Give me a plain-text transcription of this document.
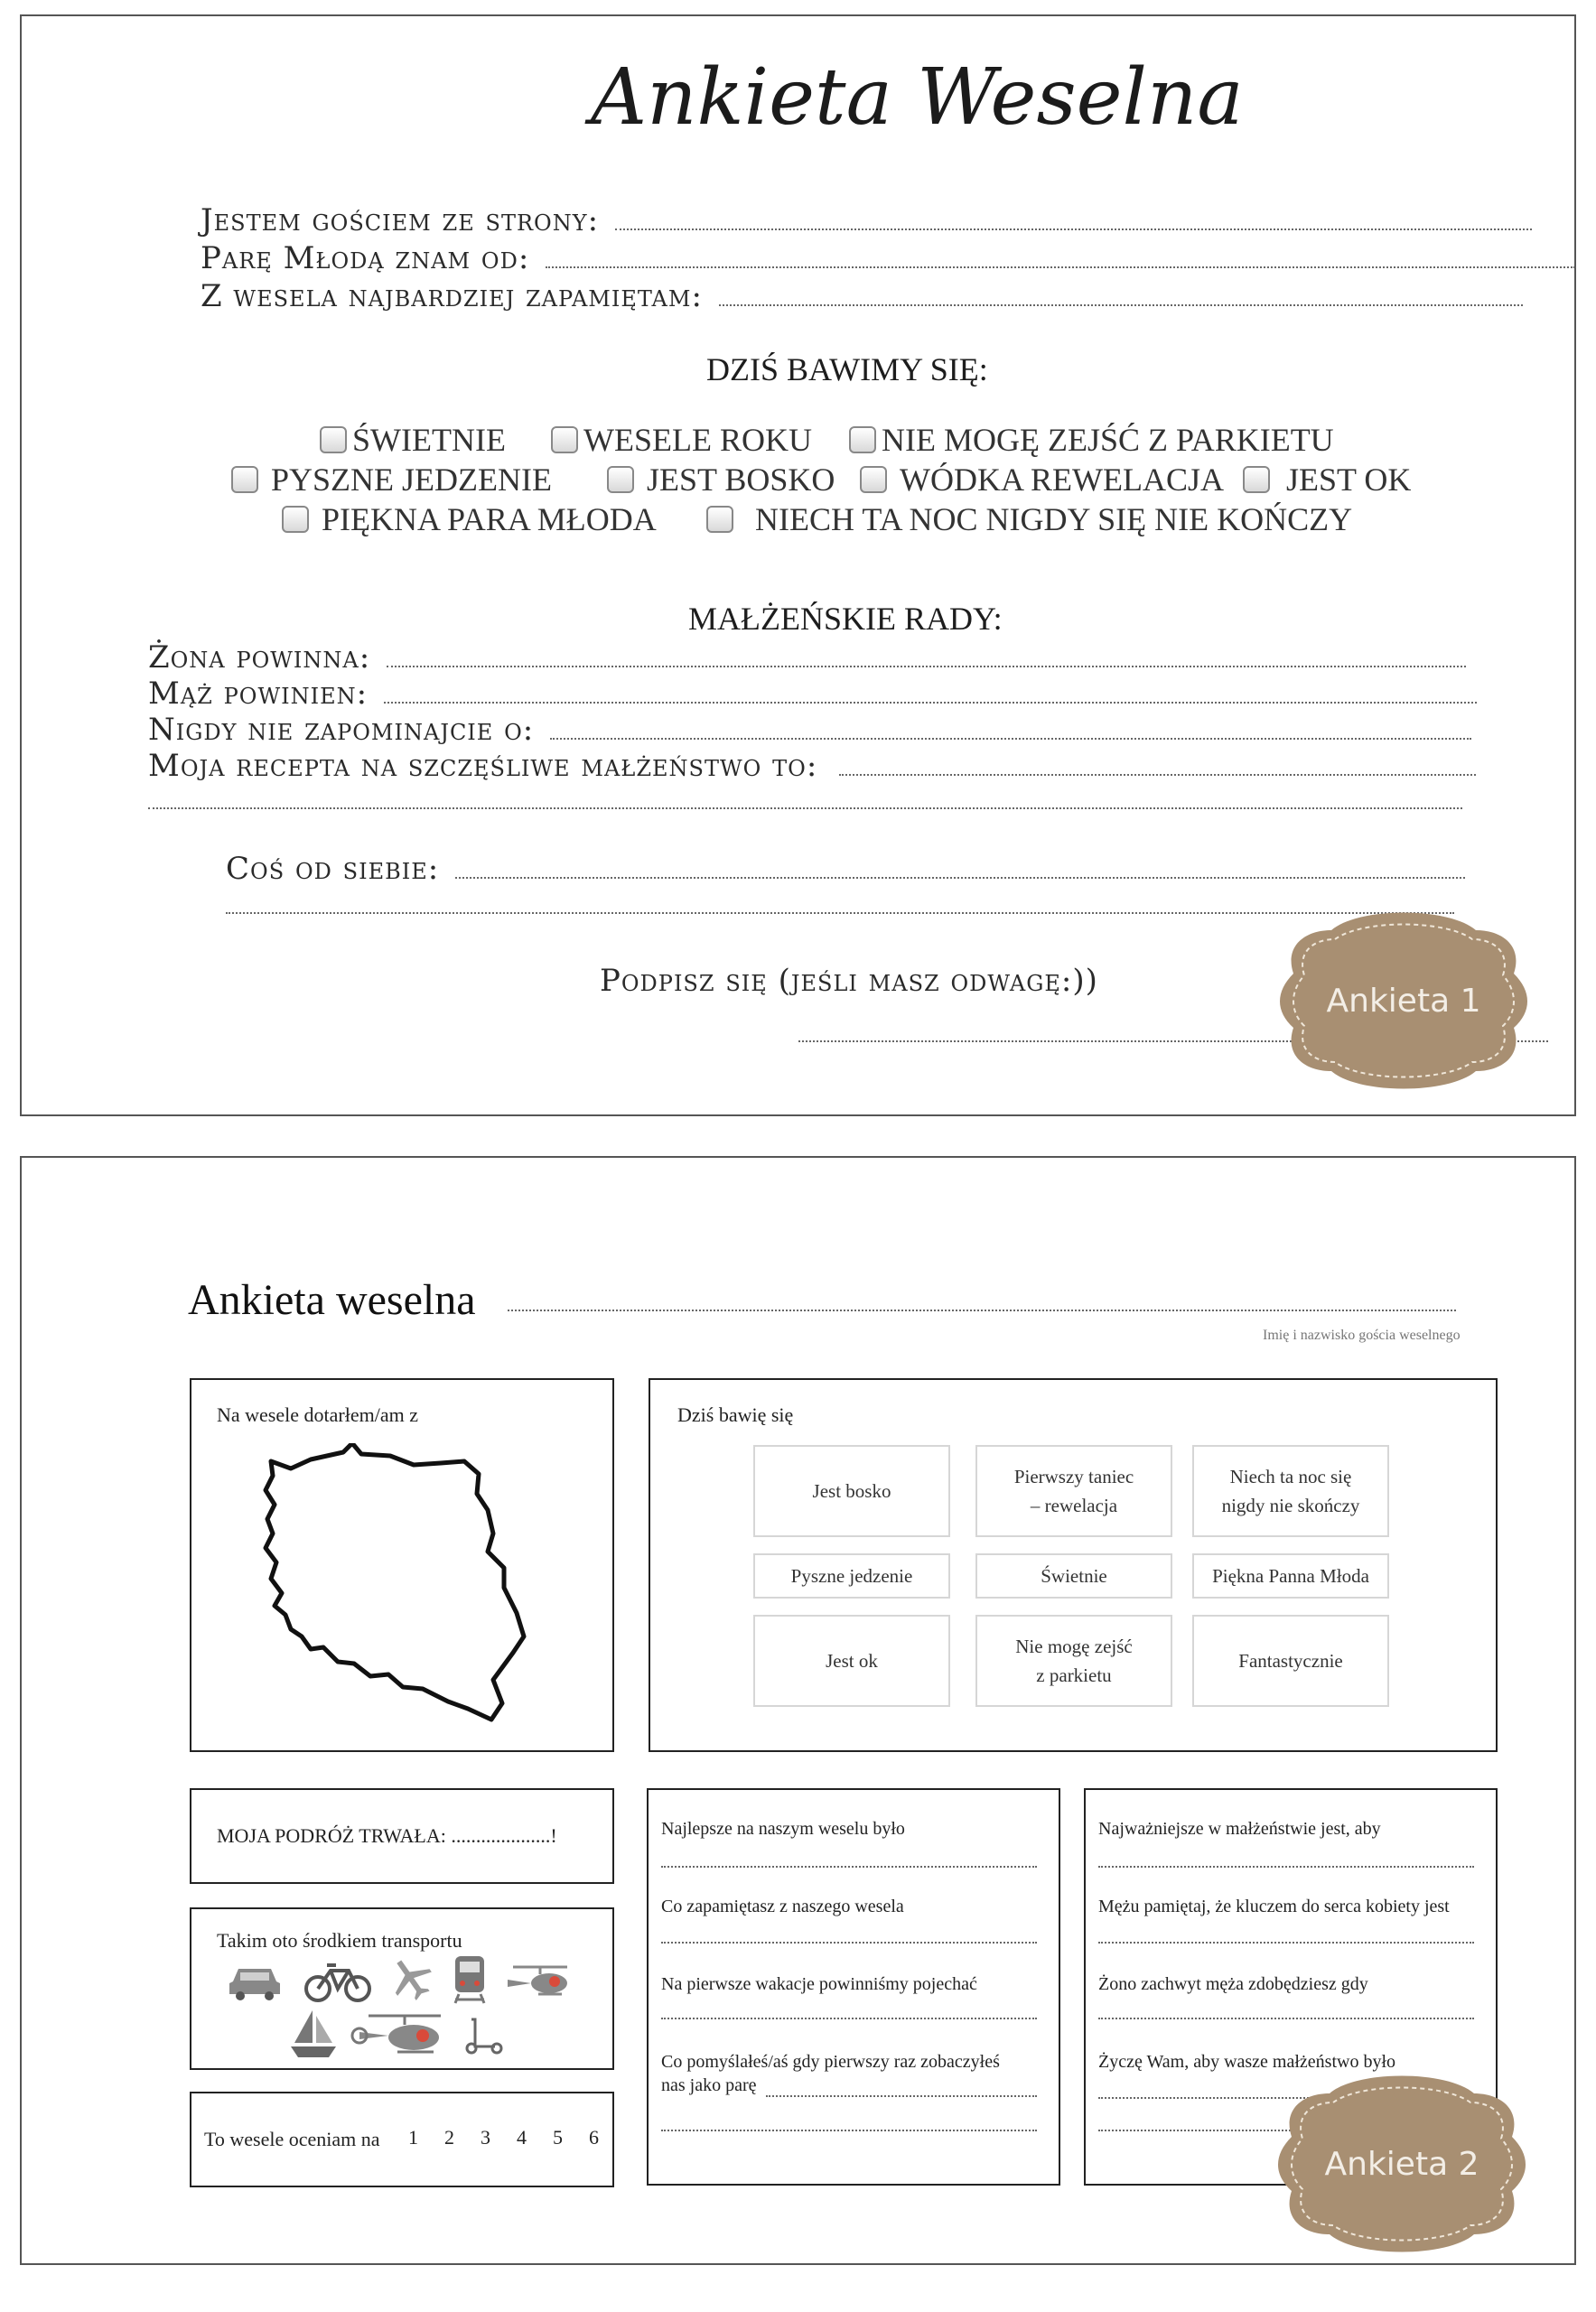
Ankieta Weselna
Jestem gościem ze strony:
Parę Młodą znam od:
Z wesela najbardziej zapamiętam:
DZIŚ BAWIMY SIĘ:
ŚWIETNIE WESELE ROKU NIE MOGĘ ZEJŚĆ Z PARKIETU
PYSZNE JEDZENIE	JEST BOSKO WÓDKA REWELACJA JEST OK
PIĘKNA PARA MŁODA	NIECH TA NOC NIGDY SIĘ NIE KOŃCZY
MAŁŻEŃSKIE RADY:
Żona powinna:
Mąż powinien:
Nigdy nie zapominajcie o:
Moja recepta na szczęśliwe małżeństwo to:
Coś od siebie:
Podpisz się (jeśli masz odwagę:))
Ankieta 1
Ankieta weselna
Imię i nazwisko gościa weselnego
Na wesele dotarłem/am z	Dziś bawię się
Jest bosko
Pierwszy taniec
– rewelacja
Niech ta noc się
nigdy nie skończy
Pyszne jedzenie	Świetnie	Piękna Panna Młoda
Jest ok
Nie mogę zejść
z parkietu
Fantastycznie
MOJA PODRÓŻ TRWAŁA: ....................!
Takim oto środkiem transportu
To wesele oceniam na 1 2 3 4 5 6
Najlepsze na naszym weselu było
Co zapamiętasz z naszego wesela
Na pierwsze wakacje powinniśmy pojechać
Co pomyślałeś/aś gdy pierwszy raz zobaczyłeś
nas jako parę
Najważniejsze w małżeństwie jest, aby
Mężu pamiętaj, że kluczem do serca kobiety jest
Żono zachwyt męża zdobędziesz gdy
Życzę Wam, aby wasze małżeństwo było
Ankieta 2
